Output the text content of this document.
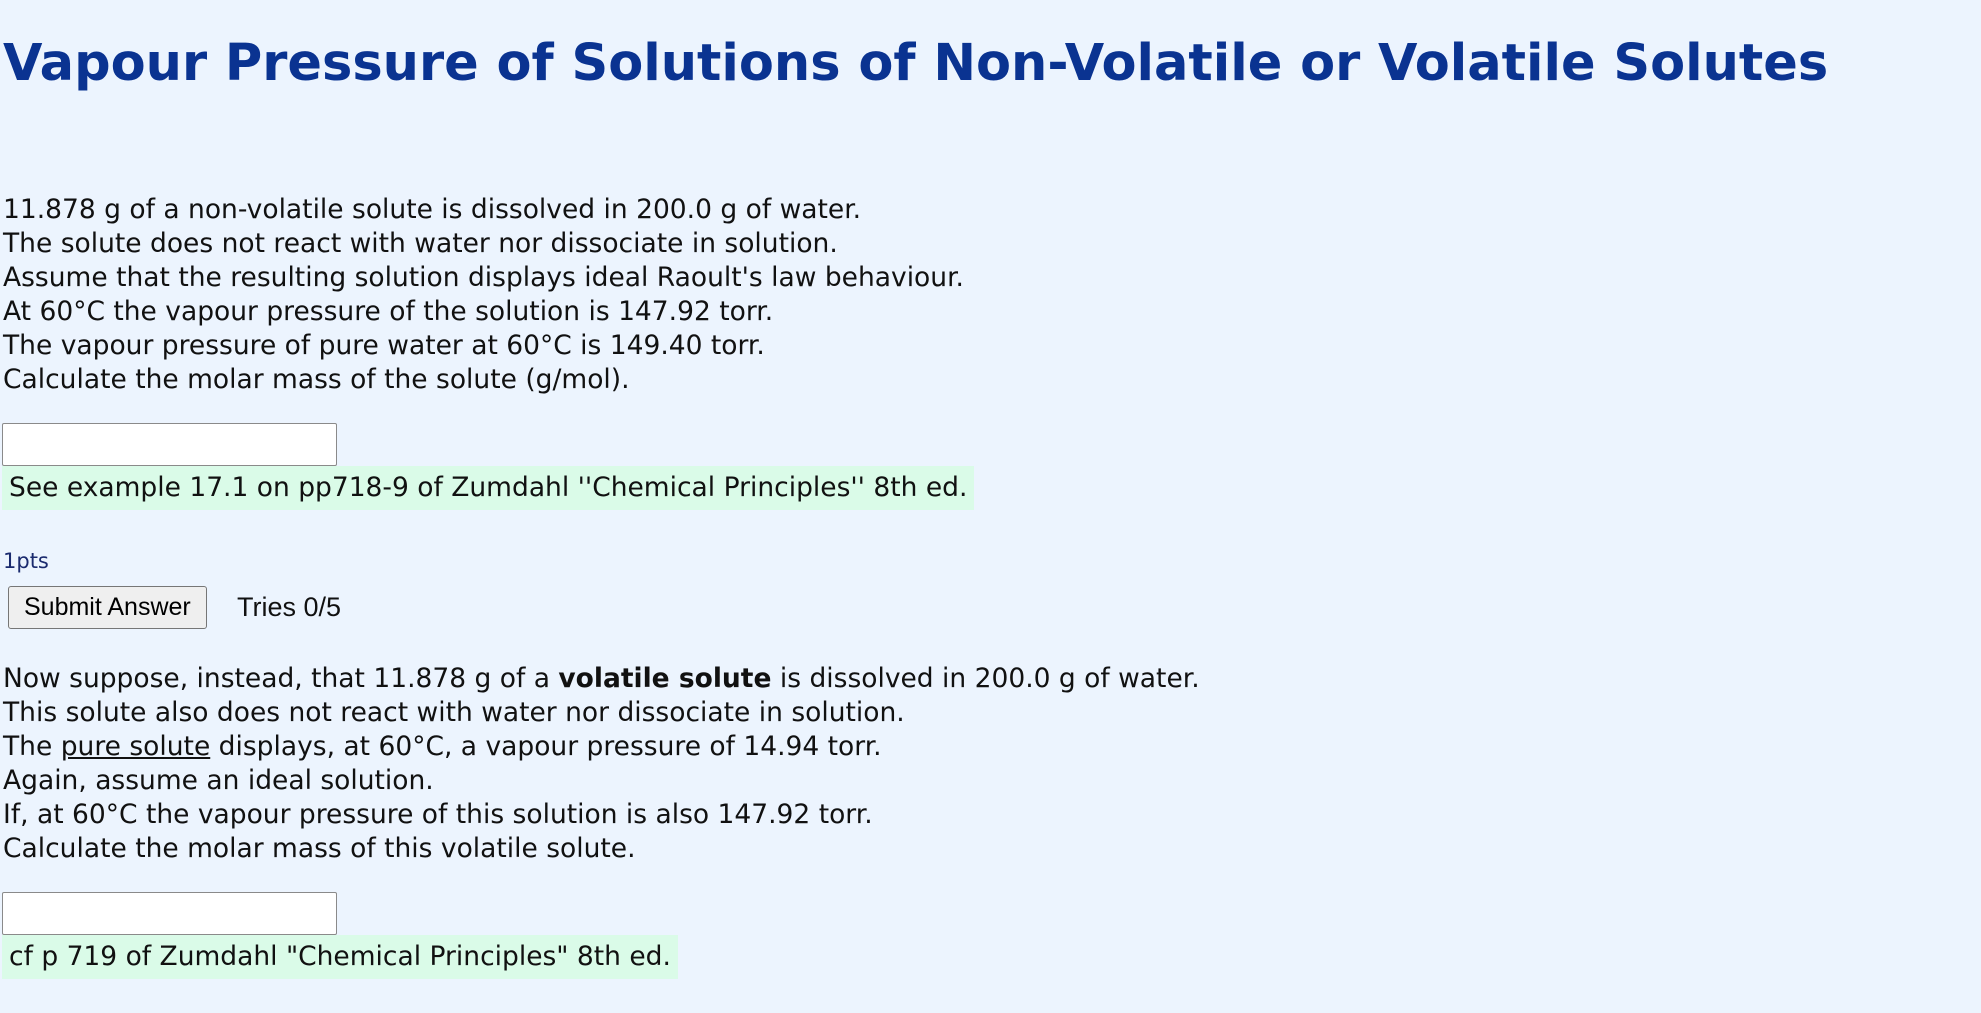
Vapour Pressure of Solutions of Non-Volatile or Volatile Solutes
11.878 g of a non-volatile solute is dissolved in 200.0 g of water.
The solute does not react with water nor dissociate in solution.
Assume that the resulting solution displays ideal Raoult's law behaviour.
At 60°C the vapour pressure of the solution is 147.92 torr.
The vapour pressure of pure water at 60°C is 149.40 torr.
Calculate the molar mass of the solute (g/mol).
See example 17.1 on pp718-9 of Zumdahl ''Chemical Principles'' 8th ed.
1pts
Submit Answer	Tries 0/5
Now suppose, instead, that 11.878 g of a volatile solute is dissolved in 200.0 g of water.
This solute also does not react with water nor dissociate in solution.
The pure solute displays, at 60°C, a vapour pressure of 14.94 torr.
Again, assume an ideal solution.
If, at 60°C the vapour pressure of this solution is also 147.92 torr.
Calculate the molar mass of this volatile solute.
cf p 719 of Zumdahl "Chemical Principles" 8th ed.
